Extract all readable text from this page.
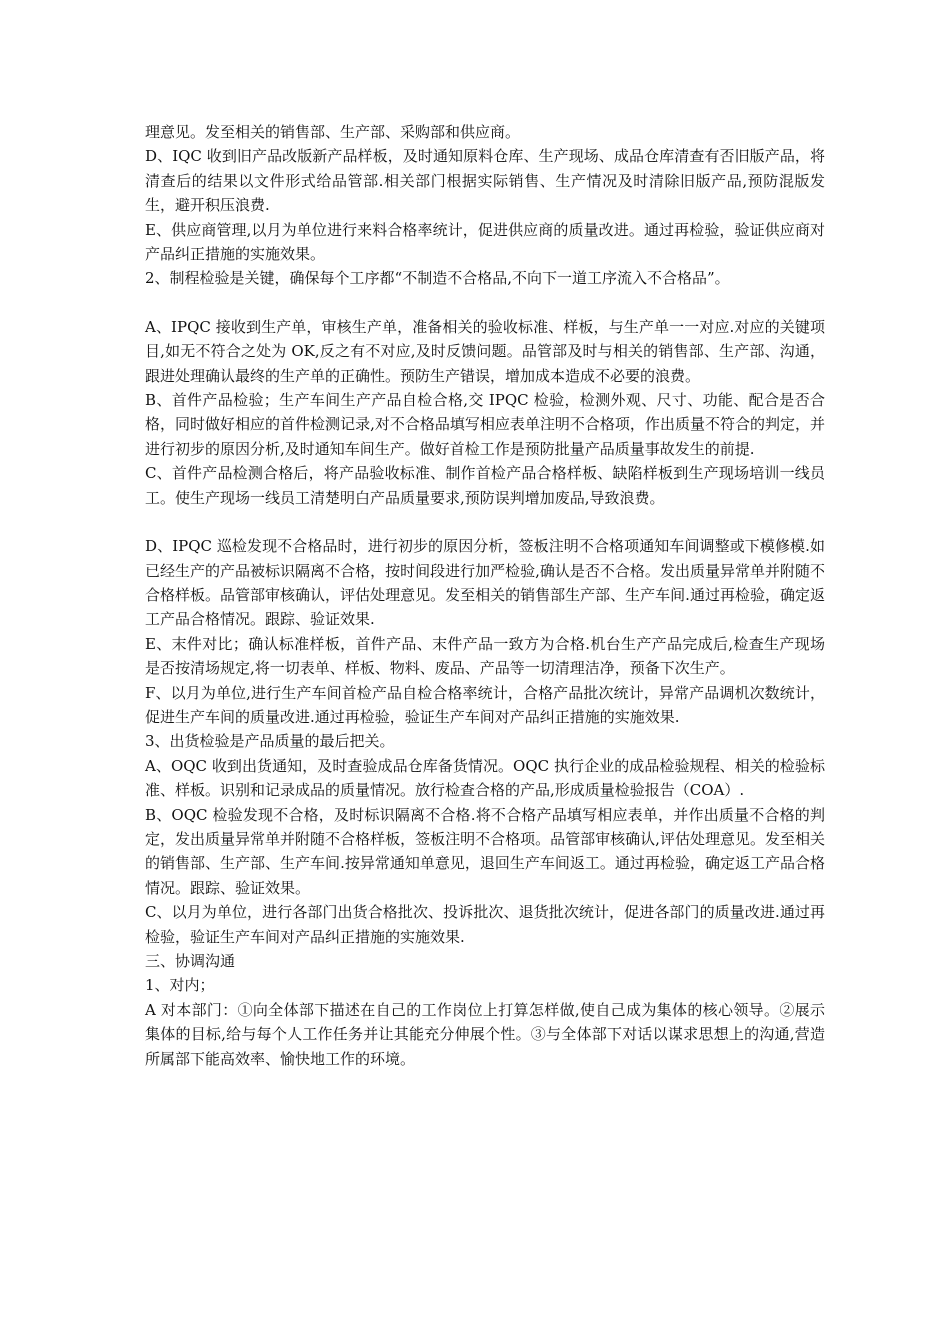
理意见。发至相关的销售部、生产部、采购部和供应商。

D、IQC 收到旧产品改版新产品样板，及时通知原料仓库、生产现场、成品仓库清查有否旧版产品，将清查后的结果以文件形式给品管部.相关部门根据实际销售、生产情况及时清除旧版产品,预防混版发生，避开积压浪费.

E、供应商管理,以月为单位进行来料合格率统计，促进供应商的质量改进。通过再检验，验证供应商对产品纠正措施的实施效果。

2、制程检验是关键，确保每个工序都“不制造不合格品,不向下一道工序流入不合格品”。

A、IPQC 接收到生产单，审核生产单，准备相关的验收标准、样板，与生产单一一对应.对应的关键项目,如无不符合之处为 OK,反之有不对应,及时反馈问题。品管部及时与相关的销售部、生产部、沟通，跟进处理确认最终的生产单的正确性。预防生产错误，增加成本造成不必要的浪费。

B、首件产品检验；生产车间生产产品自检合格,交 IPQC 检验，检测外观、尺寸、功能、配合是否合格，同时做好相应的首件检测记录,对不合格品填写相应表单注明不合格项，作出质量不符合的判定，并进行初步的原因分析,及时通知车间生产。做好首检工作是预防批量产品质量事故发生的前提.

C、首件产品检测合格后，将产品验收标准、制作首检产品合格样板、缺陷样板到生产现场培训一线员工。使生产现场一线员工清楚明白产品质量要求,预防误判增加废品,导致浪费。

D、IPQC 巡检发现不合格品时，进行初步的原因分析，签板注明不合格项通知车间调整或下模修模.如已经生产的产品被标识隔离不合格，按时间段进行加严检验,确认是否不合格。发出质量异常单并附随不合格样板。品管部审核确认，评估处理意见。发至相关的销售部生产部、生产车间.通过再检验，确定返工产品合格情况。跟踪、验证效果.

E、末件对比；确认标准样板，首件产品、末件产品一致方为合格.机台生产产品完成后,检查生产现场是否按清场规定,将一切表单、样板、物料、废品、产品等一切清理洁净，预备下次生产。

F、以月为单位,进行生产车间首检产品自检合格率统计，合格产品批次统计，异常产品调机次数统计，促进生产车间的质量改进.通过再检验，验证生产车间对产品纠正措施的实施效果.

3、出货检验是产品质量的最后把关。

A、OQC 收到出货通知，及时查验成品仓库备货情况。OQC 执行企业的成品检验规程、相关的检验标准、样板。识别和记录成品的质量情况。放行检查合格的产品,形成质量检验报告（COA）.

B、OQC 检验发现不合格，及时标识隔离不合格.将不合格产品填写相应表单，并作出质量不合格的判定，发出质量异常单并附随不合格样板，签板注明不合格项。品管部审核确认,评估处理意见。发至相关的销售部、生产部、生产车间.按异常通知单意见，退回生产车间返工。通过再检验，确定返工产品合格情况。跟踪、验证效果。

C、以月为单位，进行各部门出货合格批次、投诉批次、退货批次统计，促进各部门的质量改进.通过再检验，验证生产车间对产品纠正措施的实施效果.

三、协调沟通

1、对内；

A 对本部门：①向全体部下描述在自己的工作岗位上打算怎样做,使自己成为集体的核心领导。②展示集体的目标,给与每个人工作任务并让其能充分伸展个性。③与全体部下对话以谋求思想上的沟通,营造所属部下能高效率、愉快地工作的环境。
